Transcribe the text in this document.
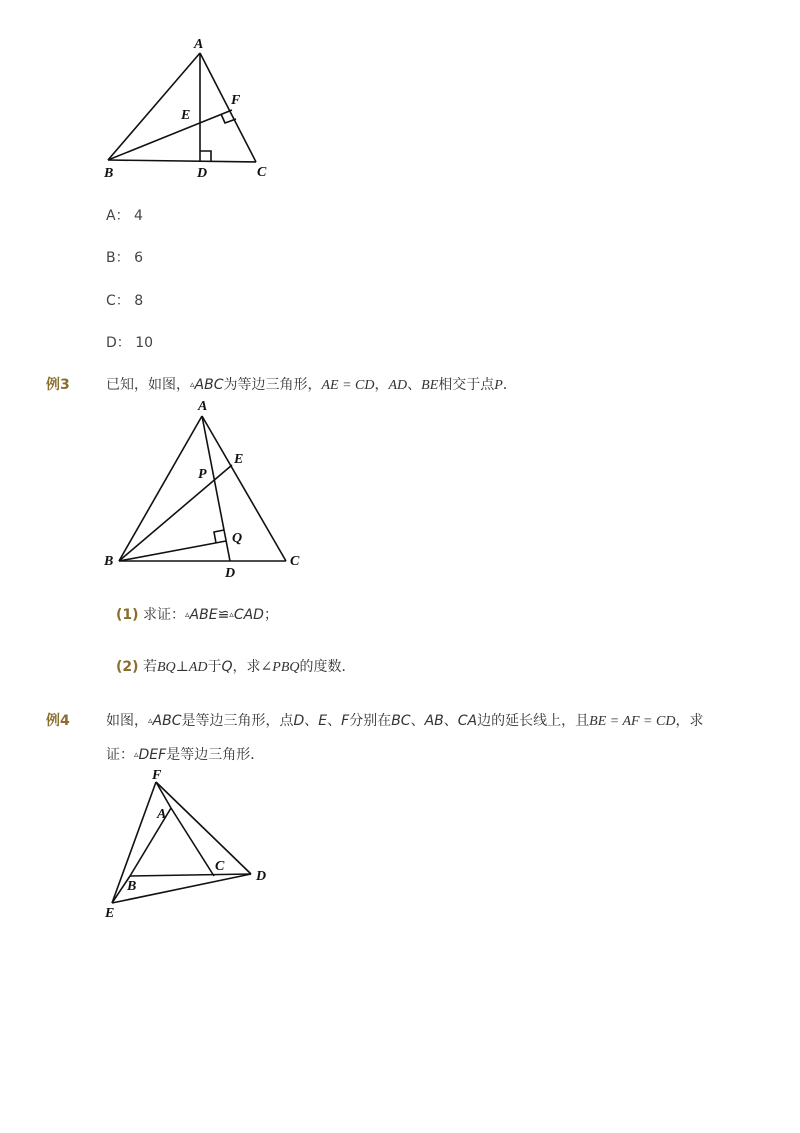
A
E
F
B	D	C
A： 4
B： 6
C： 8
D： 10
例3	已知，如图，▵ABC为等边三角形，AE = CD，AD、BE相交于点P．
A
E
P
Q
B
D
C
(1) 求证：▵ABE≌▵CAD；
(2) 若BQ⊥AD于Q，求∠PBQ的度数．
例4	如图，▵ABC是等边三角形，点D、E、F分别在BC、AB、CA边的延长线上，且BE = AF = CD，求
证：▵DEF是等边三角形．
F
A
C
D
B
E
